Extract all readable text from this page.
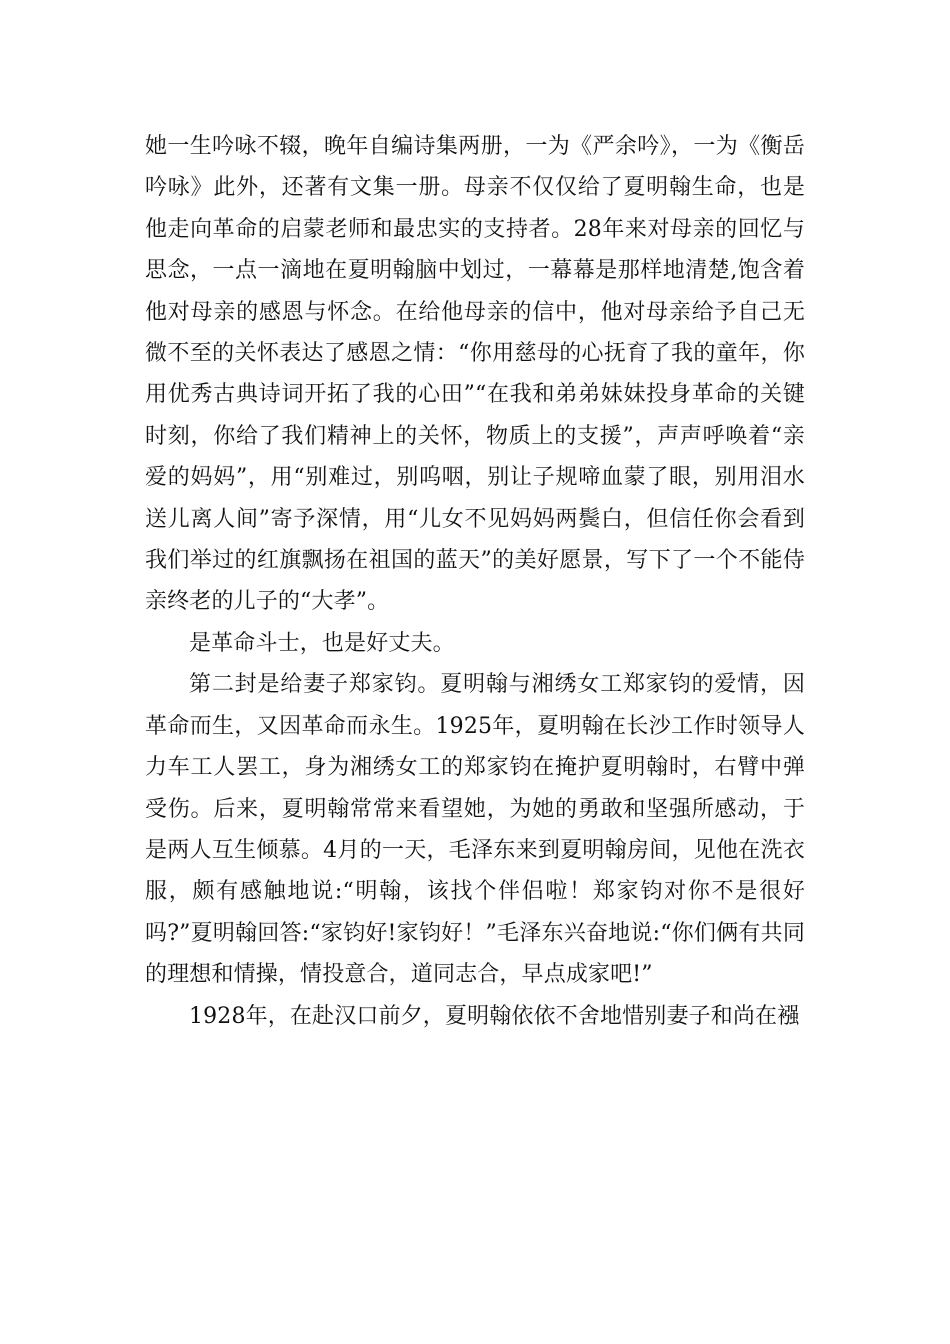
她一生吟咏不辍，晚年自编诗集两册，一为《严余吟》，一为《衡岳吟咏》此外，还著有文集一册。母亲不仅仅给了夏明翰生命，也是他走向革命的启蒙老师和最忠实的支持者。28年来对母亲的回忆与思念，一点一滴地在夏明翰脑中划过，一幕幕是那样地清楚,饱含着他对母亲的感恩与怀念。在给他母亲的信中，他对母亲给予自己无微不至的关怀表达了感恩之情：“你用慈母的心抚育了我的童年，你用优秀古典诗词开拓了我的心田”“在我和弟弟妹妹投身革命的关键时刻，你给了我们精神上的关怀，物质上的支援”，声声呼唤着“亲爱的妈妈”，用“别难过，别呜咽，别让子规啼血蒙了眼，别用泪水送儿离人间”寄予深情，用“儿女不见妈妈两鬓白，但信任你会看到我们举过的红旗飘扬在祖国的蓝天”的美好愿景，写下了一个不能侍亲终老的儿子的“大孝”。

是革命斗士，也是好丈夫。

第二封是给妻子郑家钧。夏明翰与湘绣女工郑家钧的爱情，因革命而生，又因革命而永生。1925年，夏明翰在长沙工作时领导人力车工人罢工，身为湘绣女工的郑家钧在掩护夏明翰时，右臂中弹受伤。后来，夏明翰常常来看望她，为她的勇敢和坚强所感动，于是两人互生倾慕。4月的一天，毛泽东来到夏明翰房间，见他在洗衣服，颇有感触地说:“明翰，该找个伴侣啦！郑家钧对你不是很好吗?”夏明翰回答:“家钧好!家钧好！”毛泽东兴奋地说:“你们俩有共同的理想和情操，情投意合，道同志合，早点成家吧!”

1928年，在赴汉口前夕，夏明翰依依不舍地惜别妻子和尚在襁
